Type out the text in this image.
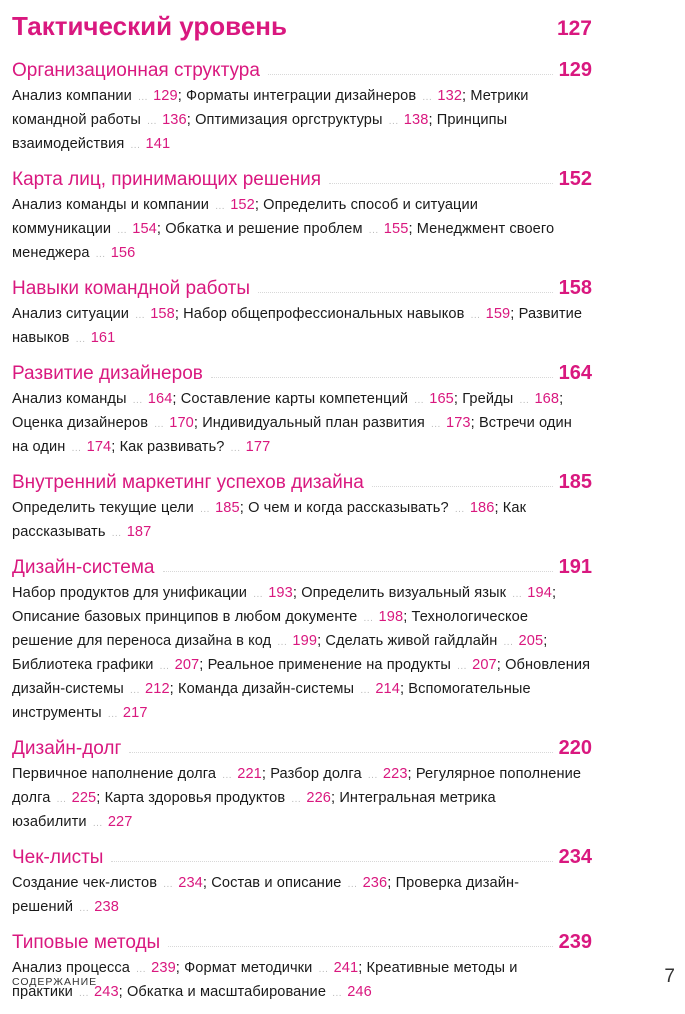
Тактический уровень	127
Организационная структура	129
Анализ компании ... 129; Форматы интеграции дизайнеров ... 132; Метрики командной работы ... 136; Оптимизация оргструктуры ... 138; Принципы взаимодействия ... 141
Карта лиц, принимающих решения	152
Анализ команды и компании ... 152; Определить способ и ситуации коммуникации ... 154; Обкатка и решение проблем ... 155; Менеджмент своего менеджера ... 156
Навыки командной работы	158
Анализ ситуации ... 158; Набор общепрофессиональных навыков ... 159; Развитие навыков ... 161
Развитие дизайнеров	164
Анализ команды ... 164; Составление карты компетенций ... 165; Грейды ... 168; Оценка дизайнеров ... 170; Индивидуальный план развития ... 173; Встречи один на один ... 174; Как развивать? ... 177
Внутренний маркетинг успехов дизайна	185
Определить текущие цели ... 185; О чем и когда рассказывать? ... 186; Как рассказывать ... 187
Дизайн-система	191
Набор продуктов для унификации ... 193; Определить визуальный язык ... 194; Описание базовых принципов в любом документе ... 198; Технологическое решение для переноса дизайна в код ... 199; Сделать живой гайдлайн ... 205; Библиотека графики ... 207; Реальное применение на продукты ... 207; Обновления дизайн-системы ... 212; Команда дизайн-системы ... 214; Вспомогательные инструменты ... 217
Дизайн-долг	220
Первичное наполнение долга ... 221; Разбор долга ... 223; Регулярное пополнение долга ... 225; Карта здоровья продуктов ... 226; Интегральная метрика юзабилити ... 227
Чек-листы	234
Создание чек-листов ... 234; Состав и описание ... 236; Проверка дизайн-решений ... 238
Типовые методы	239
Анализ процесса ... 239; Формат методички ... 241; Креативные методы и практики ... 243; Обкатка и масштабирование ... 246
СОДЕРЖАНИЕ	7
